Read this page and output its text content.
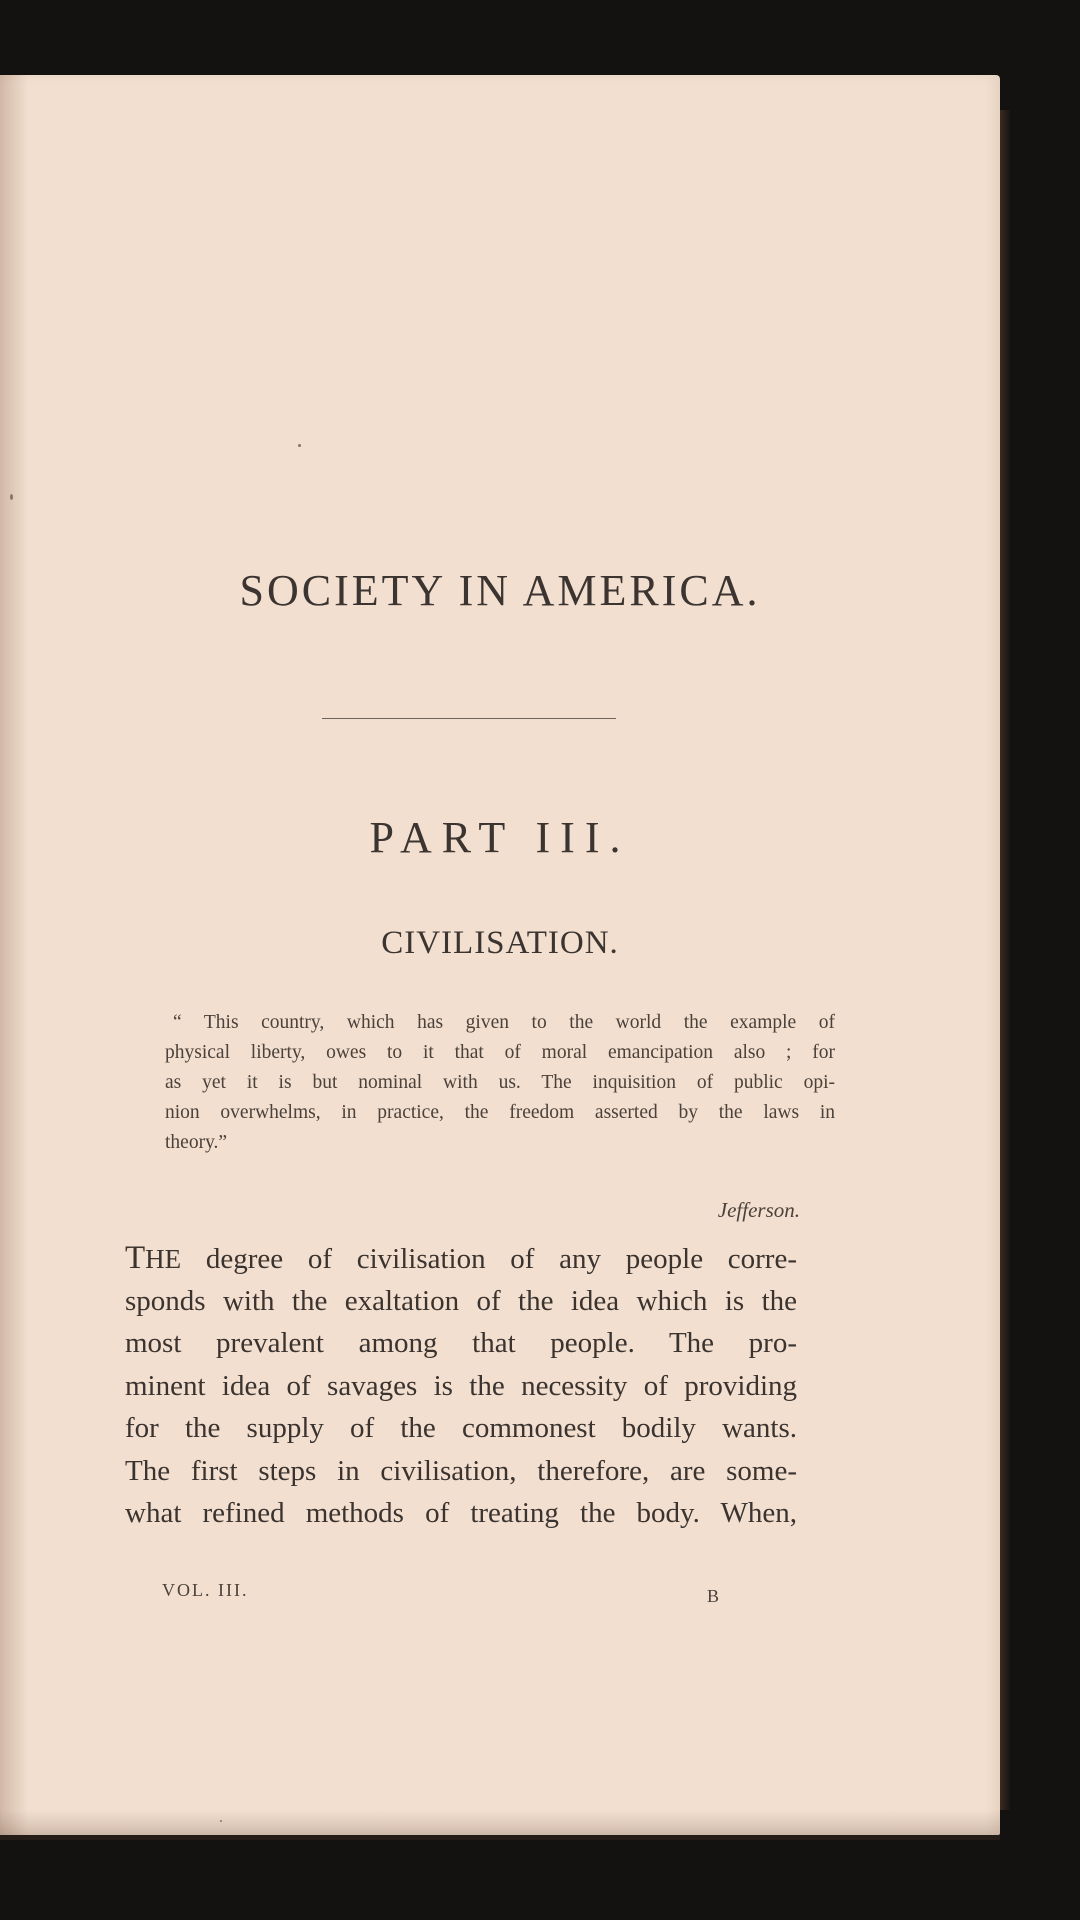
SOCIETY IN AMERICA.
PART III.
CIVILISATION.
“ This country, which has given to the world the example of
physical liberty, owes to it that of moral emancipation also ; for
as yet it is but nominal with us. The inquisition of public opi-
nion overwhelms, in practice, the freedom asserted by the laws in
theory.”
Jefferson.
THE degree of civilisation of any people corre-
sponds with the exaltation of the idea which is the
most prevalent among that people. The pro-
minent idea of savages is the necessity of providing
for the supply of the commonest bodily wants.
The first steps in civilisation, therefore, are some-
what refined methods of treating the body. When,
VOL. III.	B
